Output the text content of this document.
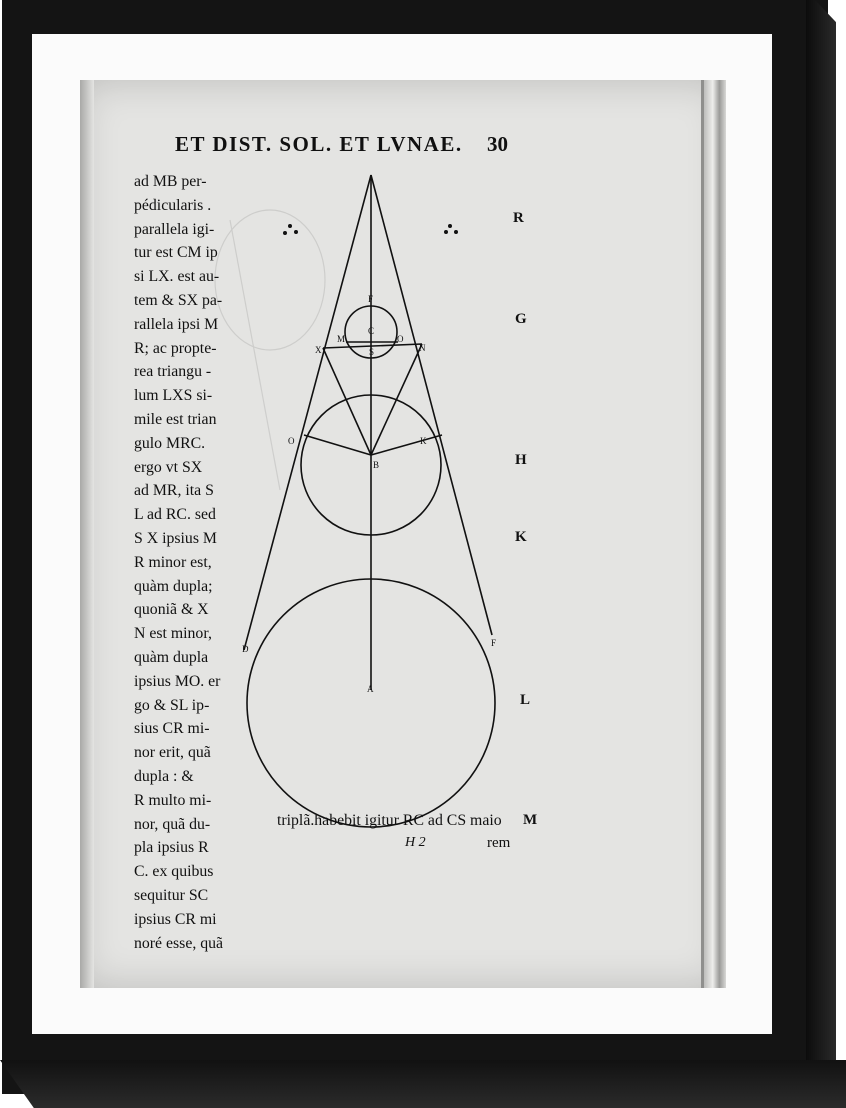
ET DIST. SOL. ET LVNAE. 30
ad MB per-
pédicularis .
parallela igi-
tur est CM ip
si LX. est au-
tem & SX pa-
rallela ipsi M
R; ac propte-
rea triangu -
lum LXS si-
mile est trian
gulo MRC.
ergo vt SX
ad MR, ita S
L ad RC. sed
S X ipsius M
R minor est,
quàm dupla;
quoniã & X
N est minor,
quàm dupla
ipsius MO. er
go & SL ip-
sius CR mi-
nor erit, quã
dupla : &
R multo mi-
nor, quã du-
pla ipsius R
C. ex quibus
sequitur SC
ipsius CR mi
noré esse, quã
triplã.habebit igitur RC ad CS maio
H 2	rem
R
G
H
K
L
M
F
C
M
X	N
O
S
O	K
B
D
F
A
